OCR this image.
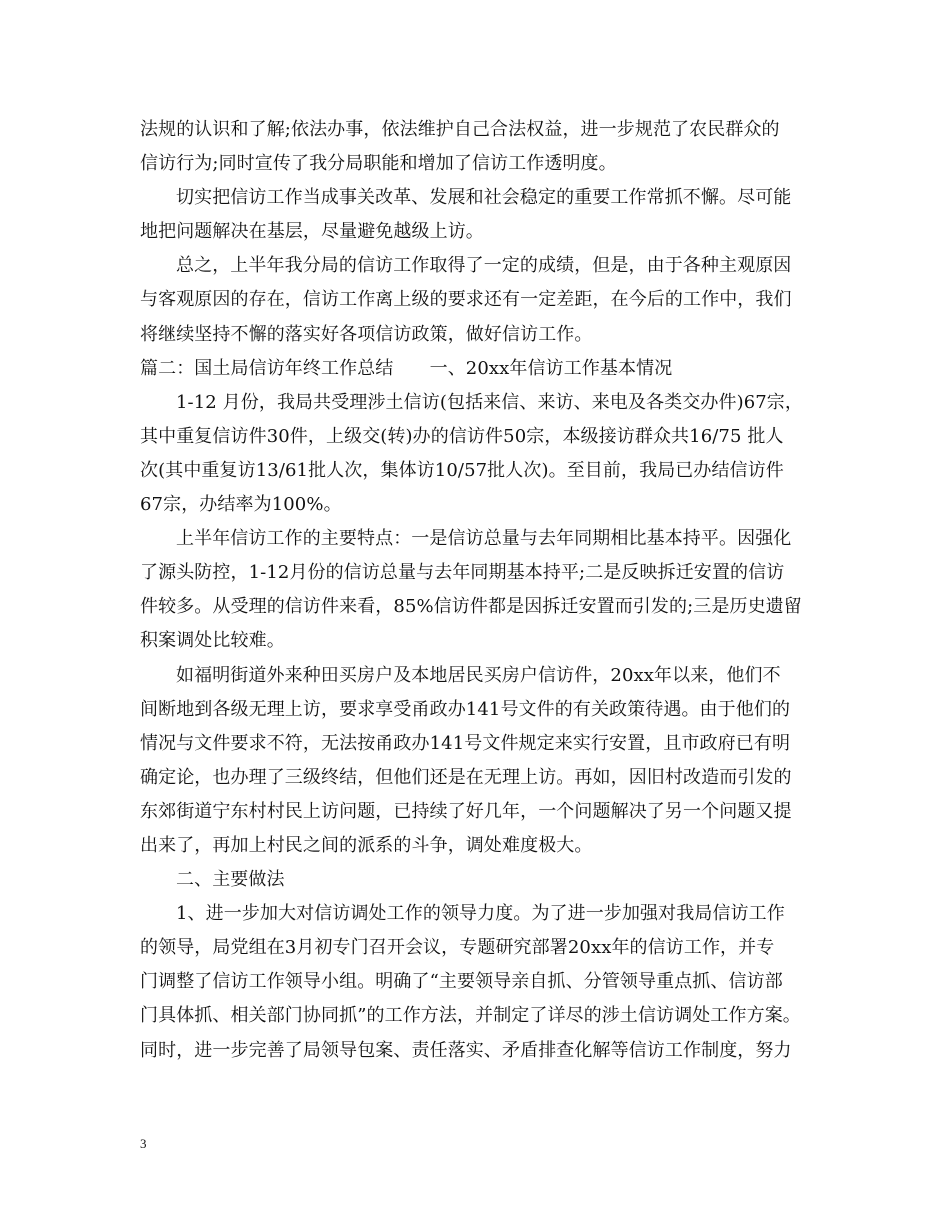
法规的认识和了解;依法办事，依法维护自己合法权益，进一步规范了农民群众的
信访行为;同时宣传了我分局职能和增加了信访工作透明度。
切实把信访工作当成事关改革、发展和社会稳定的重要工作常抓不懈。尽可能
地把问题解决在基层，尽量避免越级上访。
总之，上半年我分局的信访工作取得了一定的成绩，但是，由于各种主观原因
与客观原因的存在，信访工作离上级的要求还有一定差距，在今后的工作中，我们
将继续坚持不懈的落实好各项信访政策，做好信访工作。
篇二：国土局信访年终工作总结　　一、20xx年信访工作基本情况
1-12 月份，我局共受理涉土信访(包括来信、来访、来电及各类交办件)67宗，
其中重复信访件30件，上级交(转)办的信访件50宗，本级接访群众共16/75 批人
次(其中重复访13/61批人次，集体访10/57批人次)。至目前，我局已办结信访件
67宗，办结率为100%。
上半年信访工作的主要特点：一是信访总量与去年同期相比基本持平。因强化
了源头防控，1-12月份的信访总量与去年同期基本持平;二是反映拆迁安置的信访
件较多。从受理的信访件来看，85%信访件都是因拆迁安置而引发的;三是历史遗留
积案调处比较难。
如福明街道外来种田买房户及本地居民买房户信访件，20xx年以来，他们不
间断地到各级无理上访，要求享受甬政办141号文件的有关政策待遇。由于他们的
情况与文件要求不符，无法按甬政办141号文件规定来实行安置，且市政府已有明
确定论，也办理了三级终结，但他们还是在无理上访。再如，因旧村改造而引发的
东郊街道宁东村村民上访问题，已持续了好几年，一个问题解决了另一个问题又提
出来了，再加上村民之间的派系的斗争，调处难度极大。
二、主要做法
1、进一步加大对信访调处工作的领导力度。为了进一步加强对我局信访工作
的领导，局党组在3月初专门召开会议，专题研究部署20xx年的信访工作，并专
门调整了信访工作领导小组。明确了“主要领导亲自抓、分管领导重点抓、信访部
门具体抓、相关部门协同抓”的工作方法，并制定了详尽的涉土信访调处工作方案。
同时，进一步完善了局领导包案、责任落实、矛盾排查化解等信访工作制度，努力
3
